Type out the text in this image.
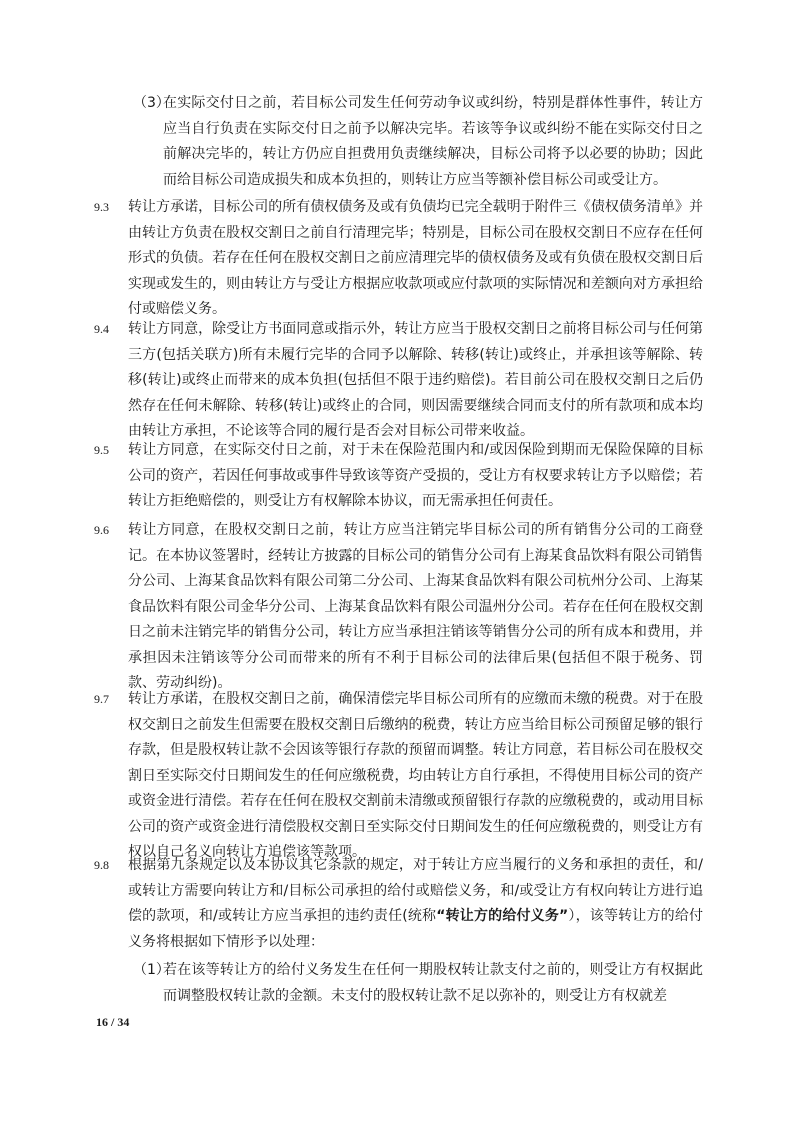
（3）
在实际交付日之前，若目标公司发生任何劳动争议或纠纷，特别是群体性事件，转让方应当自行负责在实际交付日之前予以解决完毕。若该等争议或纠纷不能在实际交付日之前解决完毕的，转让方仍应自担费用负责继续解决，目标公司将予以必要的协助；因此而给目标公司造成损失和成本负担的，则转让方应当等额补偿目标公司或受让方。
9.3 转让方承诺，目标公司的所有债权债务及或有负债均已完全载明于附件三《债权债务清单》并由转让方负责在股权交割日之前自行清理完毕；特别是，目标公司在股权交割日不应存在任何形式的负债。若存在任何在股权交割日之前应清理完毕的债权债务及或有负债在股权交割日后实现或发生的，则由转让方与受让方根据应收款项或应付款项的实际情况和差额向对方承担给付或赔偿义务。
9.4 转让方同意，除受让方书面同意或指示外，转让方应当于股权交割日之前将目标公司与任何第三方(包括关联方)所有未履行完毕的合同予以解除、转移(转让)或终止，并承担该等解除、转移(转让)或终止而带来的成本负担(包括但不限于违约赔偿)。若目前公司在股权交割日之后仍然存在任何未解除、转移(转让)或终止的合同，则因需要继续合同而支付的所有款项和成本均由转让方承担，不论该等合同的履行是否会对目标公司带来收益。
9.5 转让方同意，在实际交付日之前，对于未在保险范围内和/或因保险到期而无保险保障的目标公司的资产，若因任何事故或事件导致该等资产受损的，受让方有权要求转让方予以赔偿；若转让方拒绝赔偿的，则受让方有权解除本协议，而无需承担任何责任。
9.6 转让方同意，在股权交割日之前，转让方应当注销完毕目标公司的所有销售分公司的工商登记。在本协议签署时，经转让方披露的目标公司的销售分公司有上海某食品饮料有限公司销售分公司、上海某食品饮料有限公司第二分公司、上海某食品饮料有限公司杭州分公司、上海某食品饮料有限公司金华分公司、上海某食品饮料有限公司温州分公司。若存在任何在股权交割日之前未注销完毕的销售分公司，转让方应当承担注销该等销售分公司的所有成本和费用，并承担因未注销该等分公司而带来的所有不利于目标公司的法律后果(包括但不限于税务、罚款、劳动纠纷)。
9.7 转让方承诺，在股权交割日之前，确保清偿完毕目标公司所有的应缴而未缴的税费。对于在股权交割日之前发生但需要在股权交割日后缴纳的税费，转让方应当给目标公司预留足够的银行存款，但是股权转让款不会因该等银行存款的预留而调整。转让方同意，若目标公司在股权交割日至实际交付日期间发生的任何应缴税费，均由转让方自行承担，不得使用目标公司的资产或资金进行清偿。若存在任何在股权交割前未清缴或预留银行存款的应缴税费的，或动用目标公司的资产或资金进行清偿股权交割日至实际交付日期间发生的任何应缴税费的，则受让方有权以自己名义向转让方追偿该等款项。
9.8 根据第九条规定以及本协议其它条款的规定，对于转让方应当履行的义务和承担的责任，和/或转让方需要向转让方和/目标公司承担的给付或赔偿义务，和/或受让方有权向转让方进行追偿的款项，和/或转让方应当承担的违约责任(统称“转让方的给付义务”），该等转让方的给付义务将根据如下情形予以处理：
（1）
若在该等转让方的给付义务发生在任何一期股权转让款支付之前的，则受让方有权据此而调整股权转让款的金额。未支付的股权转让款不足以弥补的，则受让方有权就差
16 / 34
